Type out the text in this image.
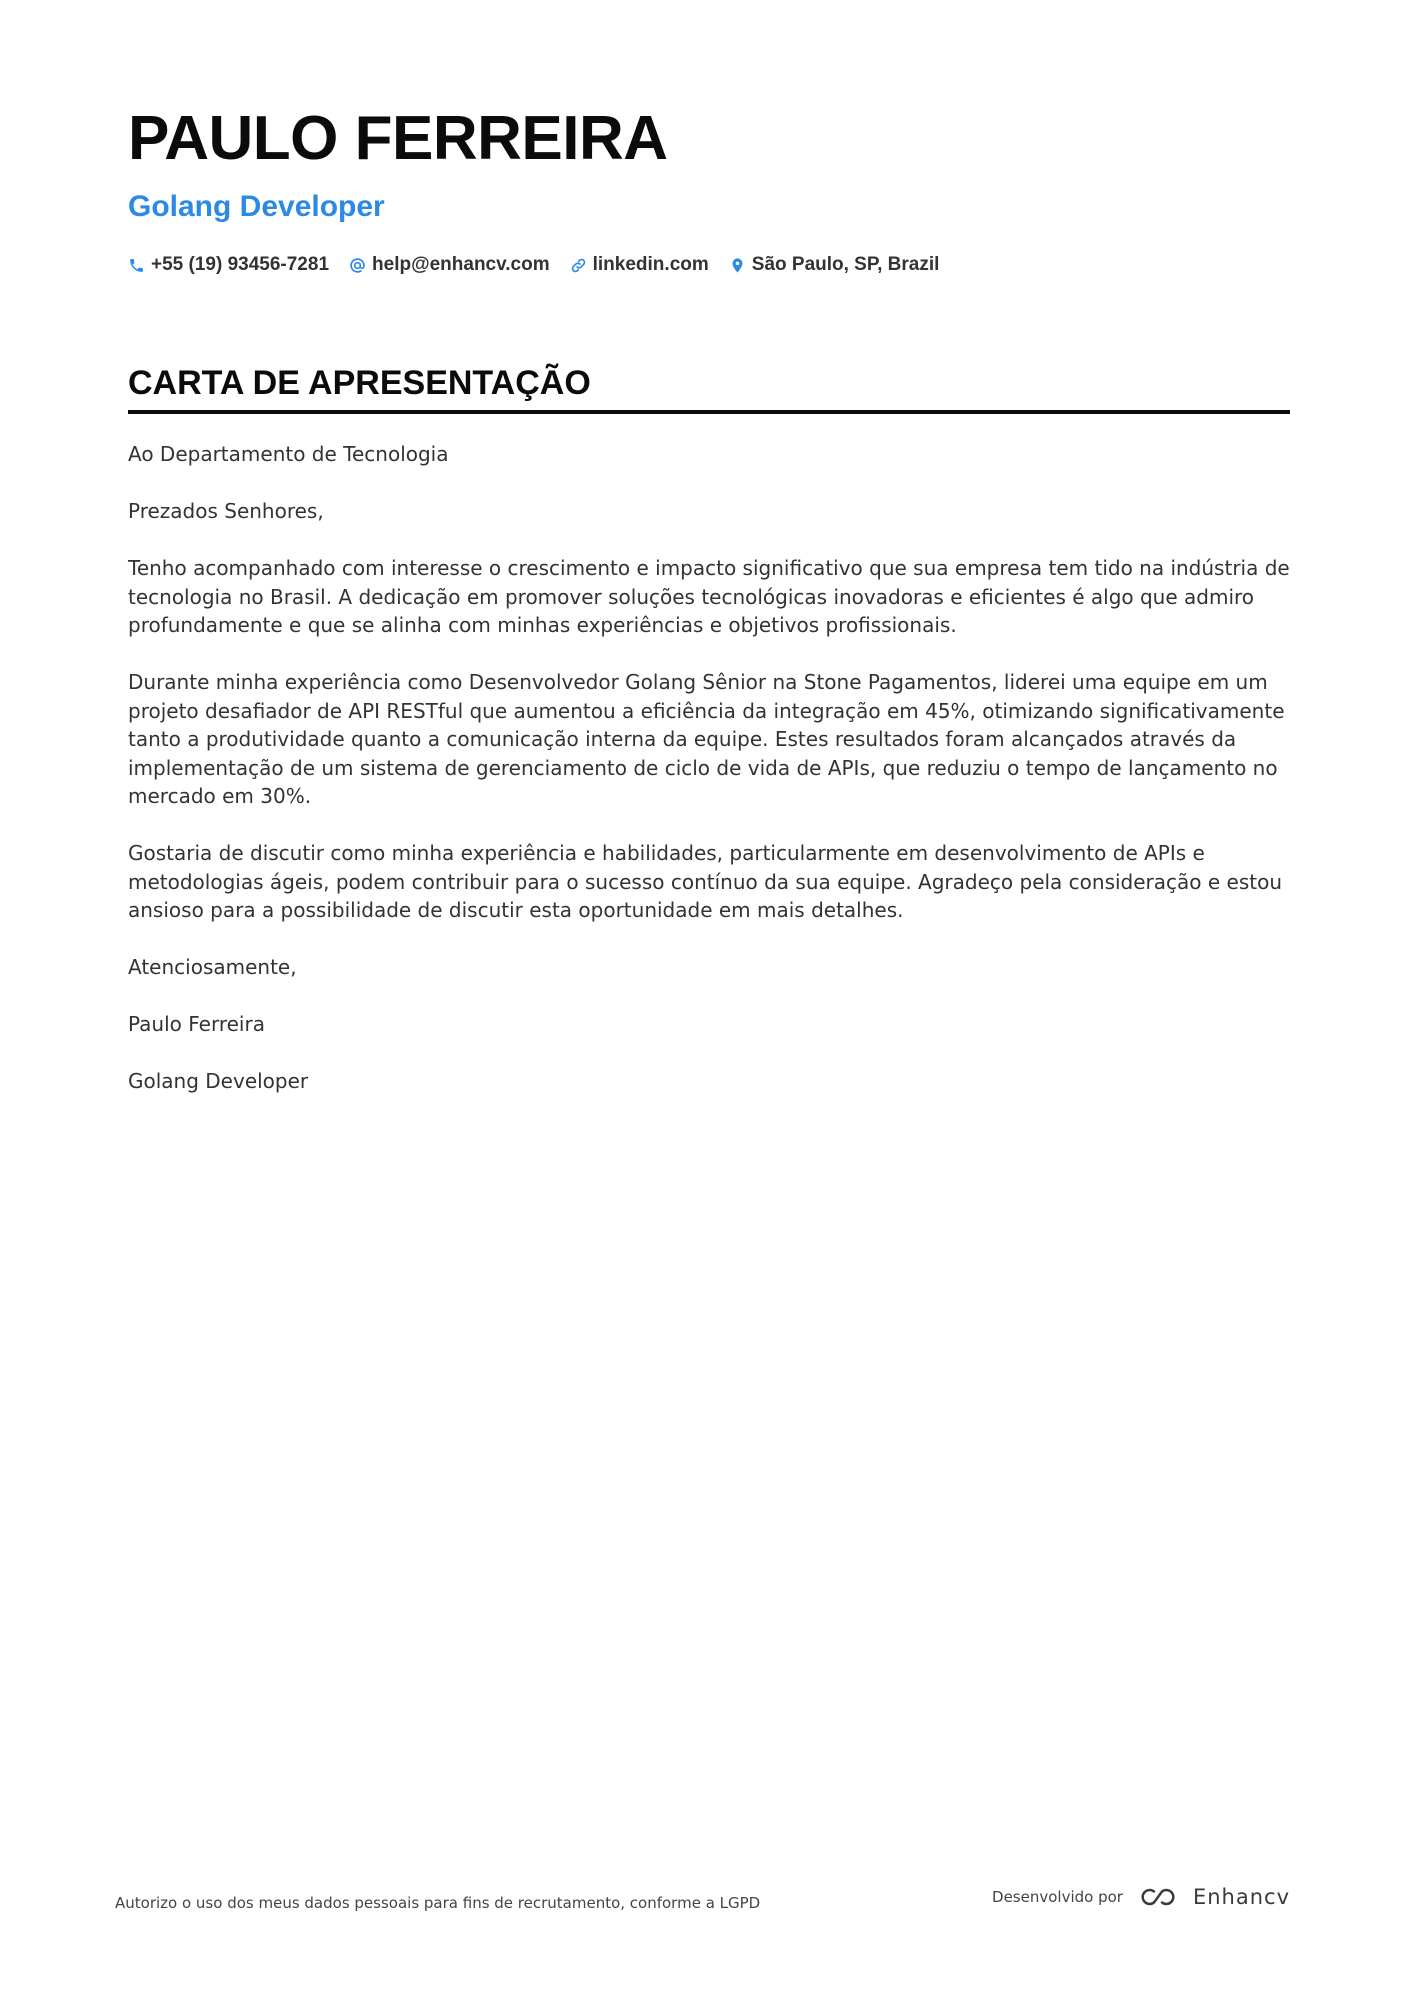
PAULO FERREIRA
Golang Developer
+55 (19) 93456-7281 help@enhancv.com linkedin.com São Paulo, SP, Brazil
CARTA DE APRESENTAÇÃO

Ao Departamento de Tecnologia

Prezados Senhores,

Tenho acompanhado com interesse o crescimento e impacto significativo que sua empresa tem tido na indústria de tecnologia no Brasil. A dedicação em promover soluções tecnológicas inovadoras e eficientes é algo que admiro profundamente e que se alinha com minhas experiências e objetivos profissionais.

Durante minha experiência como Desenvolvedor Golang Sênior na Stone Pagamentos, liderei uma equipe em um projeto desafiador de API RESTful que aumentou a eficiência da integração em 45%, otimizando significativamente tanto a produtividade quanto a comunicação interna da equipe. Estes resultados foram alcançados através da implementação de um sistema de gerenciamento de ciclo de vida de APIs, que reduziu o tempo de lançamento no mercado em 30%.

Gostaria de discutir como minha experiência e habilidades, particularmente em desenvolvimento de APIs e metodologias ágeis, podem contribuir para o sucesso contínuo da sua equipe. Agradeço pela consideração e estou ansioso para a possibilidade de discutir esta oportunidade em mais detalhes.

Atenciosamente,

Paulo Ferreira

Golang Developer

Autorizo o uso dos meus dados pessoais para fins de recrutamento, conforme a LGPD	Desenvolvido por	Enhancv
